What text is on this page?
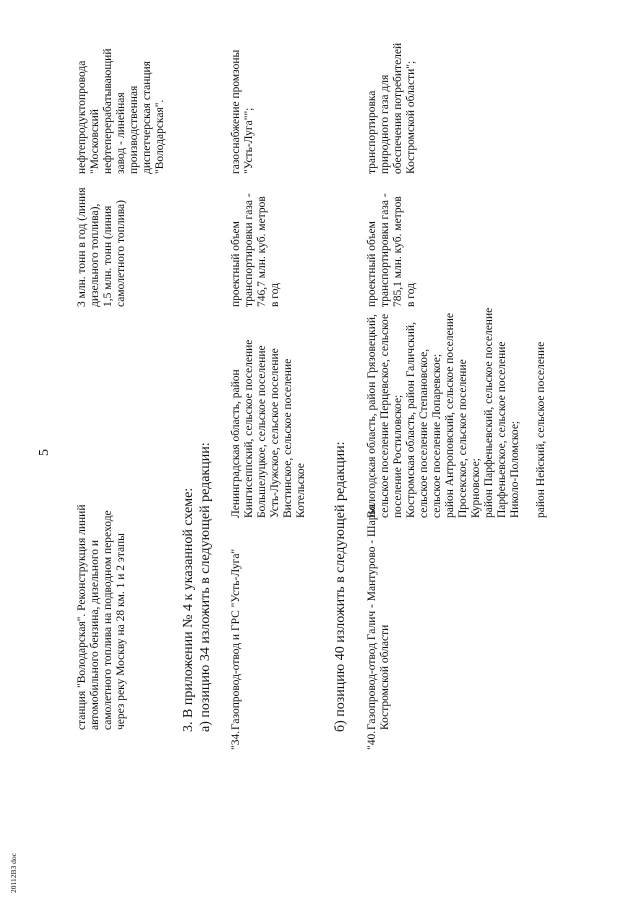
5
станция "Володарская". Реконструкция линий автомобильного бензина, дизельного и самолетного топлива на подводном переходе через реку Москву на 28 км. 1 и 2 этапы
3 млн. тонн в год (линия дизельного топлива), 1,5 млн. тонн (линия самолетного топлива)
нефтепродуктопровода "Московский нефтеперерабатывающий завод - линейная производственная диспетчерская станция "Володарская".
3. В приложении № 4 к указанной схеме: а) позицию 34 изложить в следующей редакции:
"34.
Газопровод-отвод и ГРС "Усть-Луга"
Ленинградская область, район Кингисеппский, сельское поселение Большелуцкое, сельское поселение Усть-Лужское, сельское поселение Вистинское, сельское поселение Котельское
проектный объем транспортировки газа - 746,7 млн. куб. метров в год
газоснабжение промзоны "Усть-Луга"";
б) позицию 40 изложить в следующей редакции:
"40.
Газопровод-отвод Галич - Мантурово - Шарья Костромской области
Вологодская область, район Грязовецкий, сельское поселение Перцевское, сельское поселение Ростиловское; Костромская область, район Галичский, сельское поселение Степановское, сельское поселение Лопаревское; район Антроповский, сельское поселение Просекское, сельское поселение Курновское; район Парфеньевский, сельское поселение Парфеньевское, сельское поселение Николо-Поломское; район Нейский, сельское поселение
проектный объем транспортировки газа - 785,1 млн. куб. метров в год
транспортировка природного газа для обеспечения потребителей Костромской области";
20112ВЗ doc
